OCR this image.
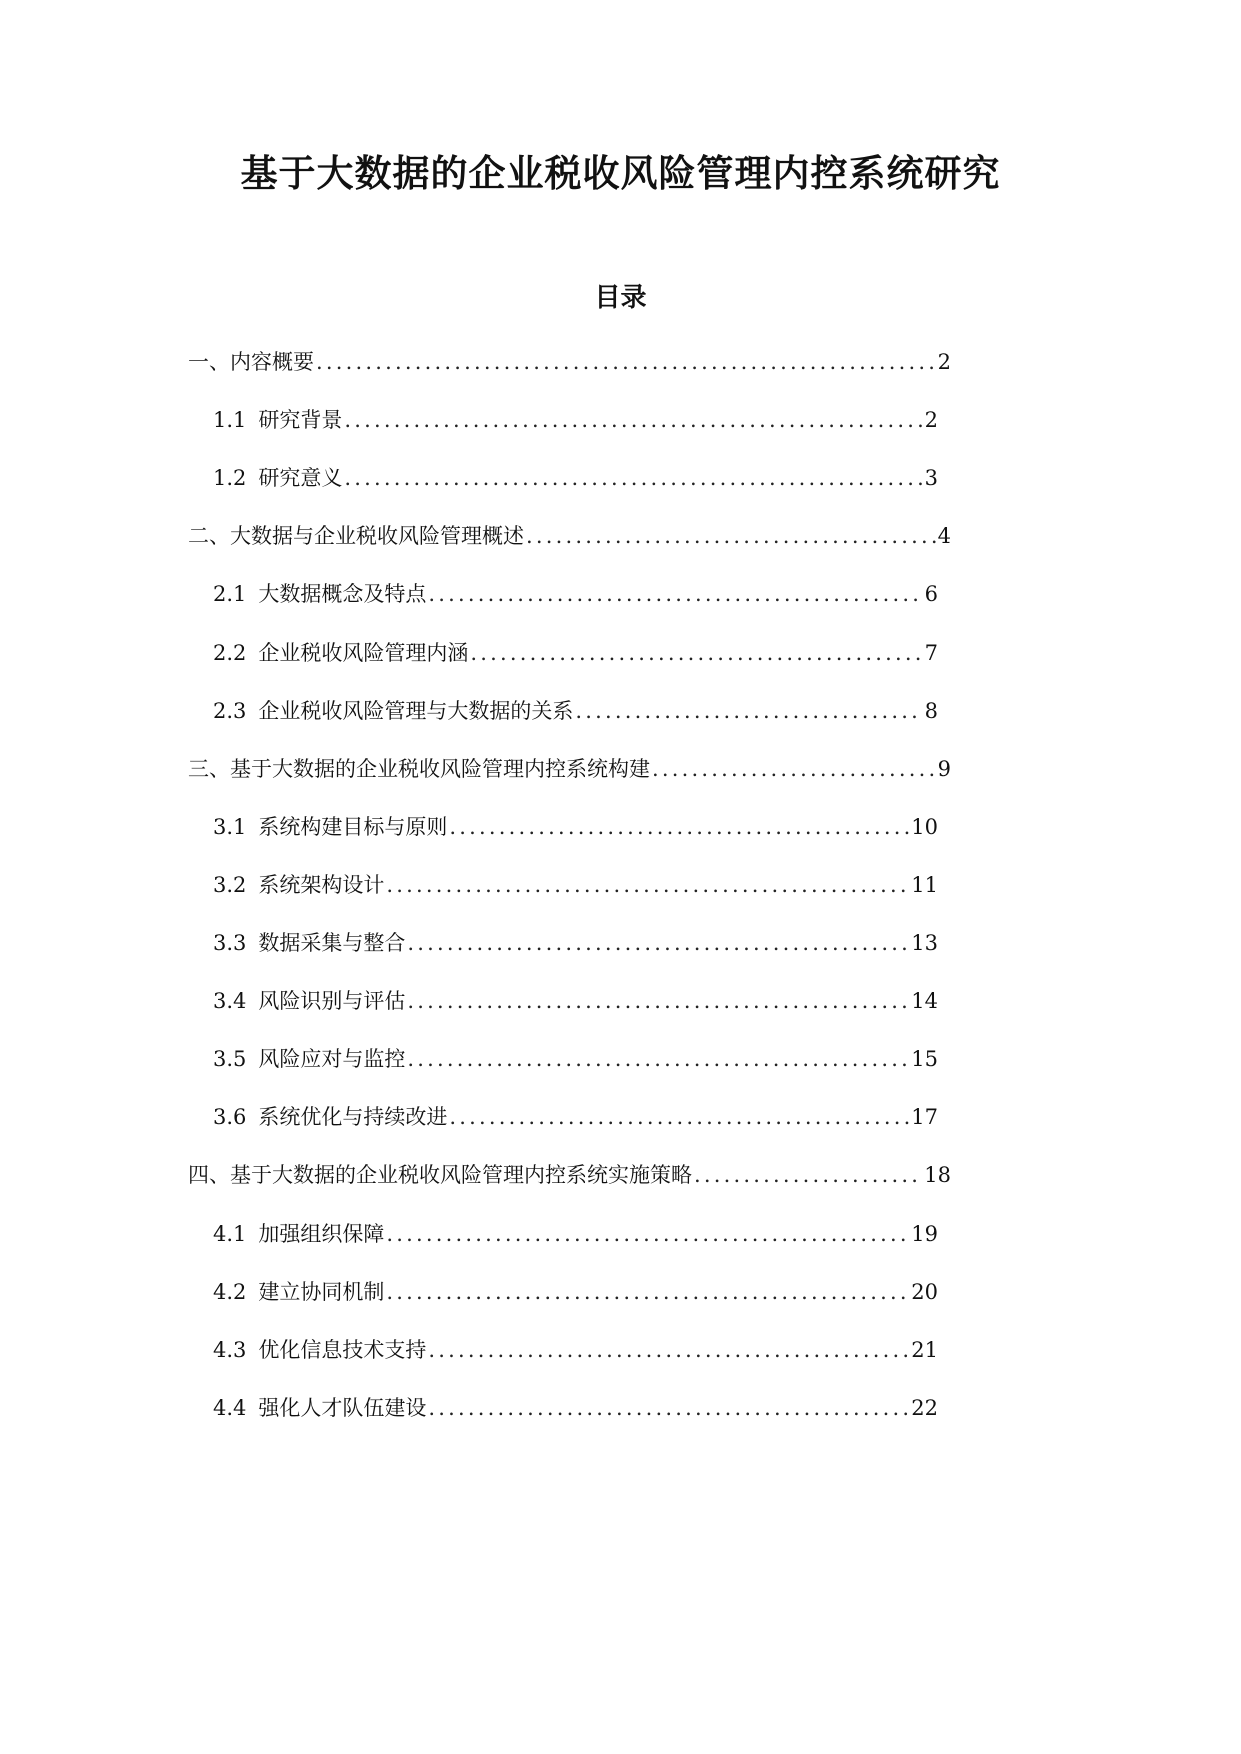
基于大数据的企业税收风险管理内控系统研究
目录
一、内容概要 .....	2
1.1 研究背景 .....	2
1.2 研究意义 .....	3
二、大数据与企业税收风险管理概述 .....	4
2.1 大数据概念及特点 .....	6
2.2 企业税收风险管理内涵 .....	7
2.3 企业税收风险管理与大数据的关系 .....	8
三、基于大数据的企业税收风险管理内控系统构建 .....	9
3.1 系统构建目标与原则 .....	10
3.2 系统架构设计 .....	11
3.3 数据采集与整合 .....	13
3.4 风险识别与评估 .....	14
3.5 风险应对与监控 .....	15
3.6 系统优化与持续改进 .....	17
四、基于大数据的企业税收风险管理内控系统实施策略 .....	18
4.1 加强组织保障 .....	19
4.2 建立协同机制 .....	20
4.3 优化信息技术支持 .....	21
4.4 强化人才队伍建设 .....	22
